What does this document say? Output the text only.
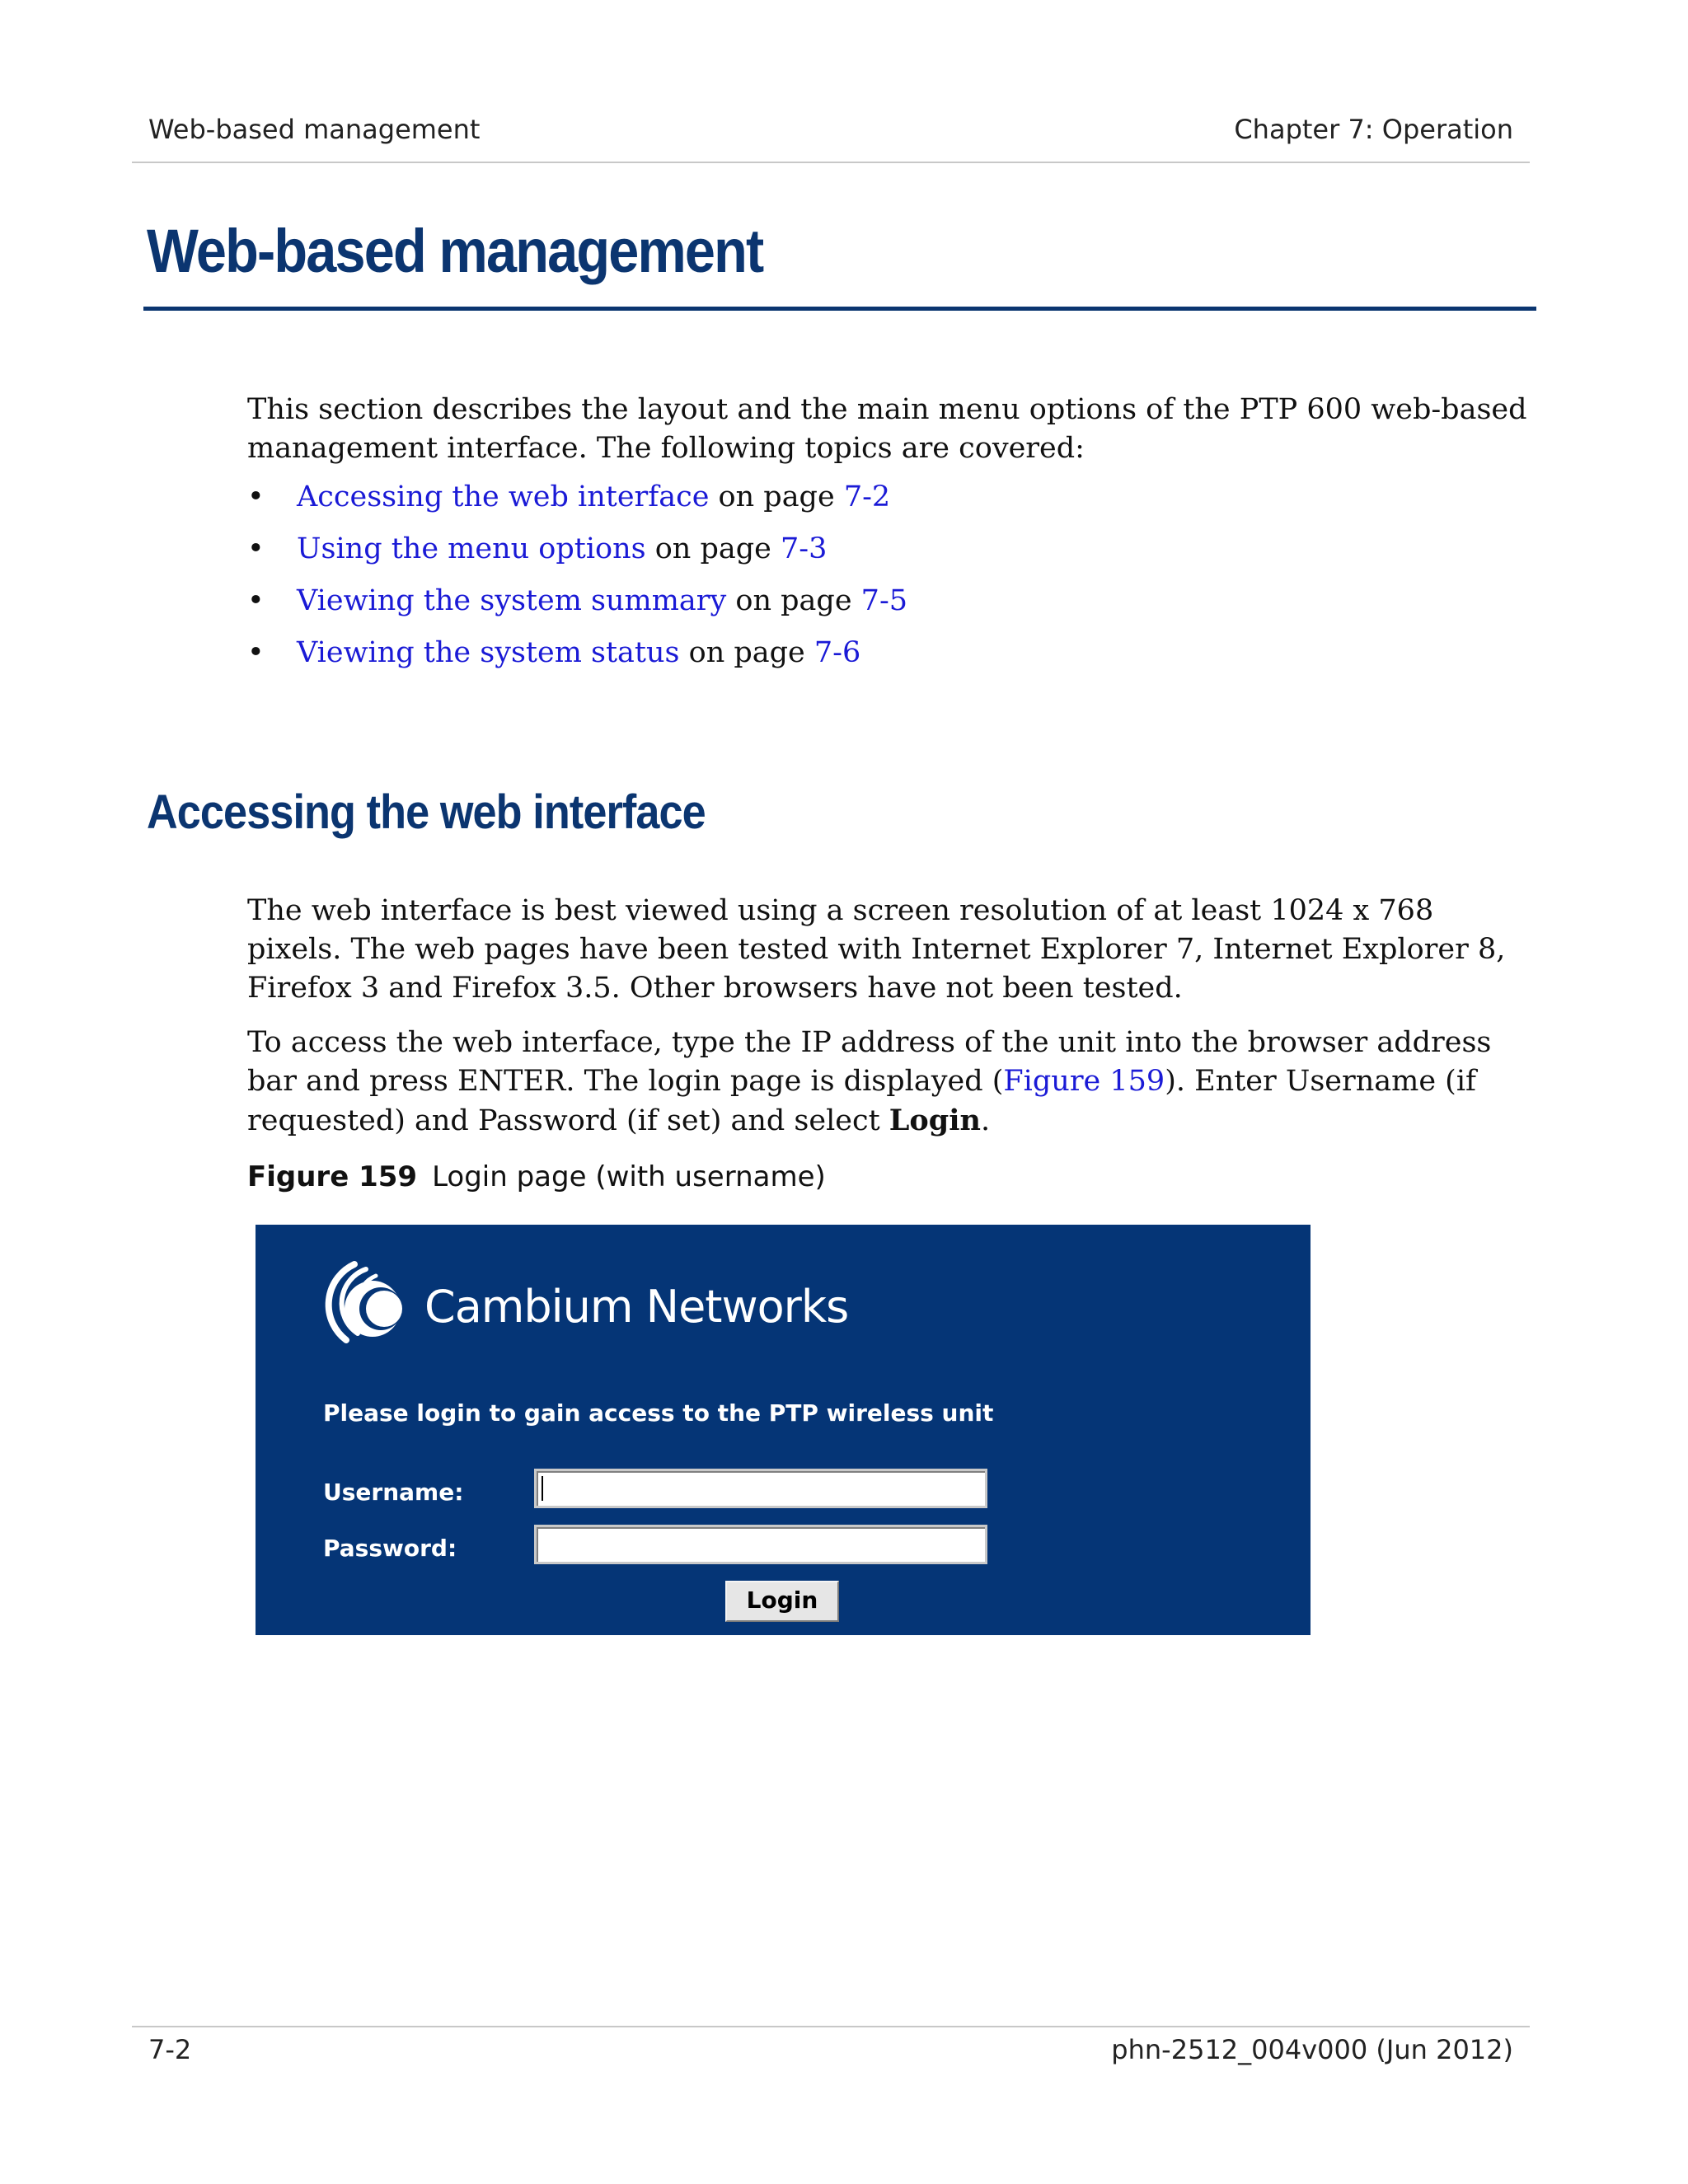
Web-based management	Chapter 7: Operation
Web-based management
This section describes the layout and the main menu options of the PTP 600 web-based management interface. The following topics are covered:
• Accessing the web interface on page 7-2
• Using the menu options on page 7-3
• Viewing the system summary on page 7-5
• Viewing the system status on page 7-6
Accessing the web interface
The web interface is best viewed using a screen resolution of at least 1024 x 768 pixels. The web pages have been tested with Internet Explorer 7, Internet Explorer 8, Firefox 3 and Firefox 3.5. Other browsers have not been tested.
To access the web interface, type the IP address of the unit into the browser address bar and press ENTER. The login page is displayed (Figure 159). Enter Username (if requested) and Password (if set) and select Login.
Figure 159 Login page (with username)
Cambium Networks
Please login to gain access to the PTP wireless unit
Username:
Password:
Login
7-2	phn-2512_004v000 (Jun 2012)
